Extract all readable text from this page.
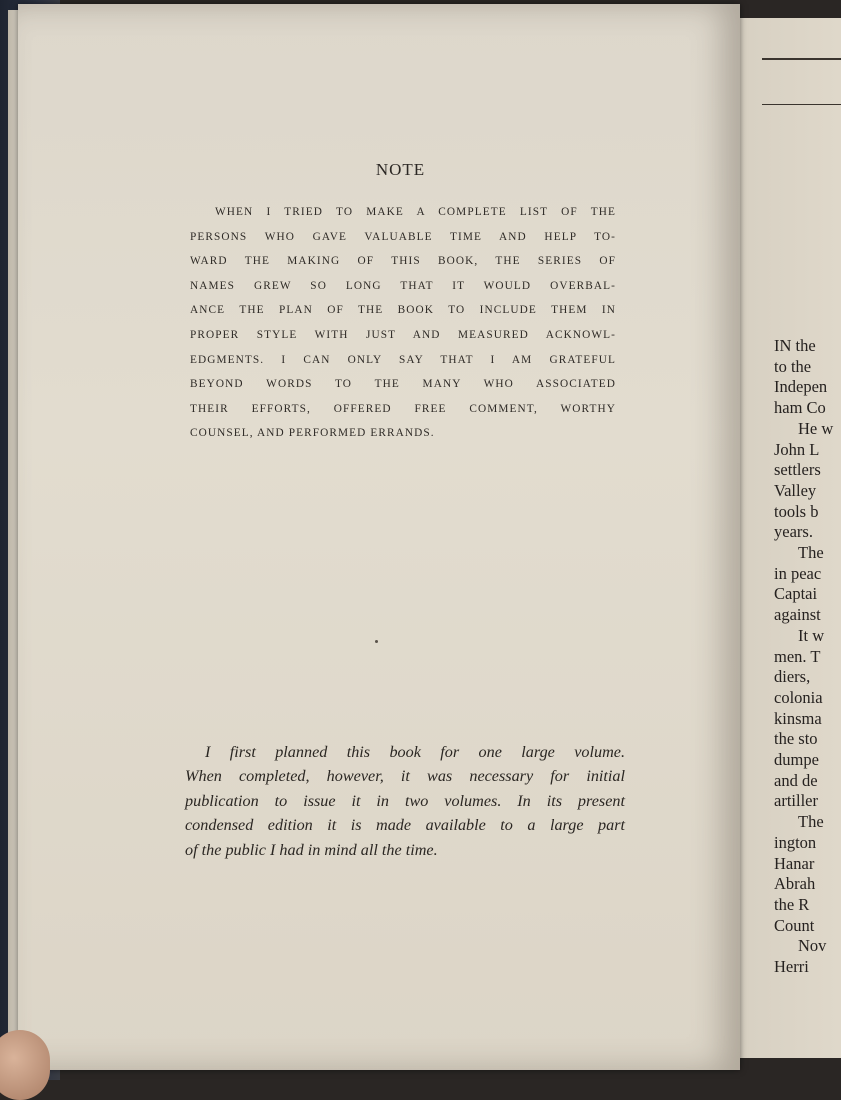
NOTE
WHEN I TRIED TO MAKE A COMPLETE LIST OF THE
PERSONS WHO GAVE VALUABLE TIME AND HELP TO-
WARD THE MAKING OF THIS BOOK, THE SERIES OF
NAMES GREW SO LONG THAT IT WOULD OVERBAL-
ANCE THE PLAN OF THE BOOK TO INCLUDE THEM IN
PROPER STYLE WITH JUST AND MEASURED ACKNOWL-
EDGMENTS. I CAN ONLY SAY THAT I AM GRATEFUL
BEYOND WORDS TO THE MANY WHO ASSOCIATED
THEIR EFFORTS, OFFERED FREE COMMENT, WORTHY
COUNSEL, AND PERFORMED ERRANDS.
I first planned this book for one large volume.
When completed, however, it was necessary for initial
publication to issue it in two volumes. In its present
condensed edition it is made available to a large part
of the public I had in mind all the time.
IN the
to the
Indepen
ham Co
He w
John L
settlers
Valley
tools b
years.
The
in peac
Captai
against
It w
men. T
diers,
colonia
kinsma
the sto
dumpe
and de
artiller
The
ington
Hanar
Abrah
the R
Count
Nov
Herri
